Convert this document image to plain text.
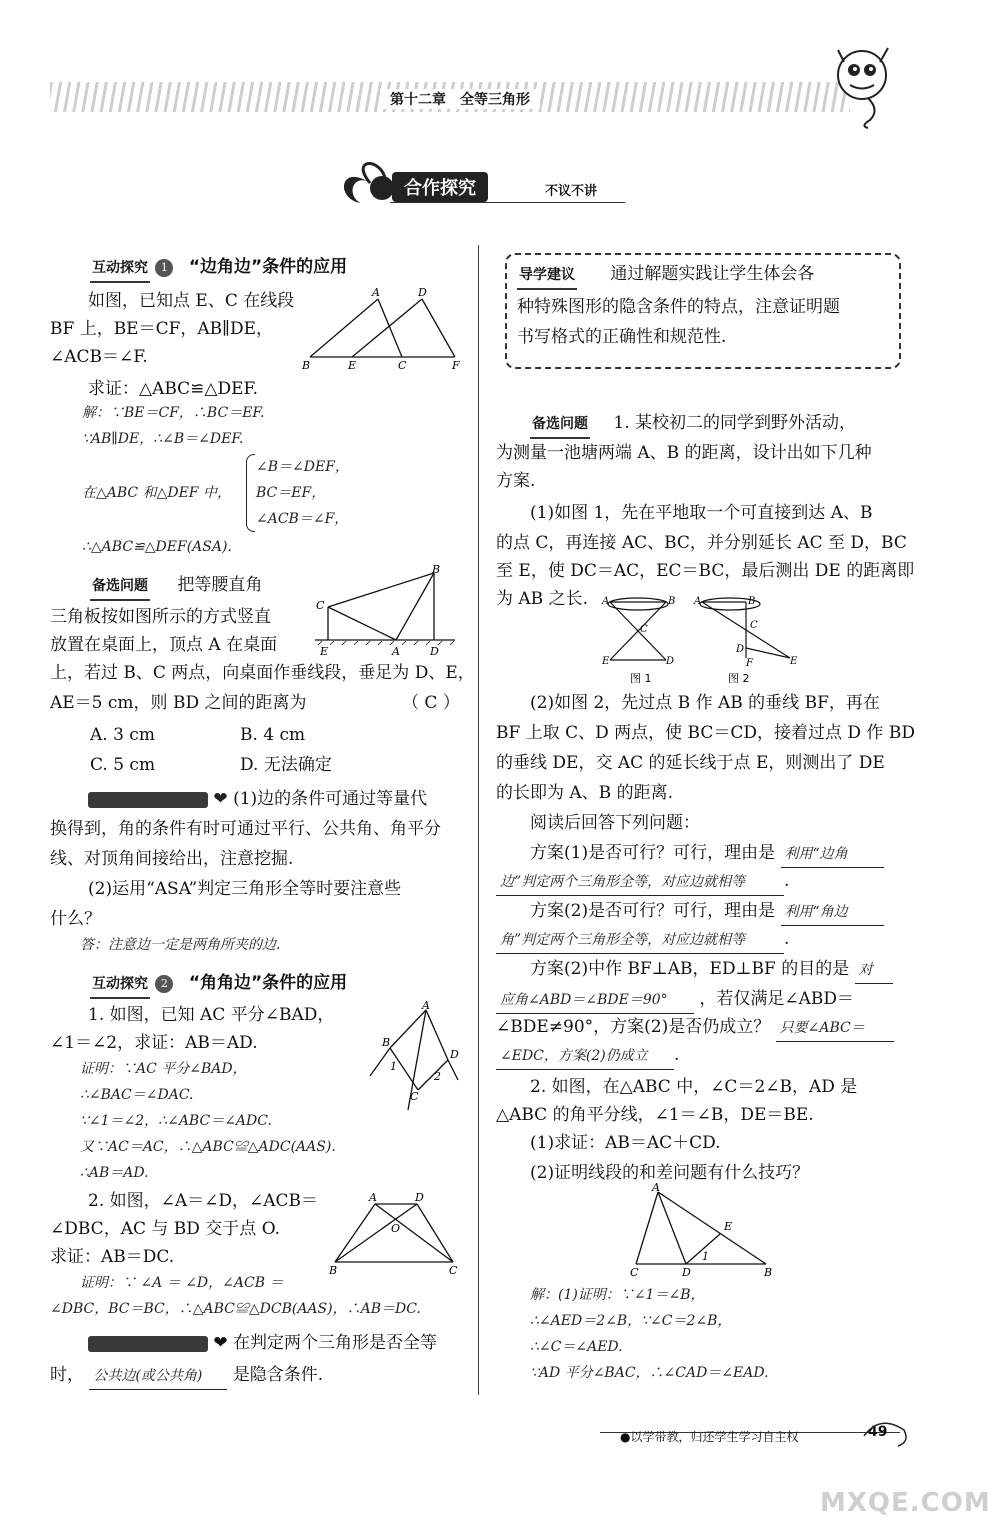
第十二章　全等三角形
合作探究	不议不讲
互动探究 1 “边角边”条件的应用
如图，已知点 E、C 在线段
BF 上，BE＝CF，AB∥DE，
∠ACB＝∠F.
求证：△ABC≌△DEF.
A	D
B	E	C	F
解：∵BE＝CF，∴BC＝EF.
∵AB∥DE，∴∠B＝∠DEF.
在△ABC 和△DEF 中，
∠B＝∠DEF，
BC＝EF，
∠ACB＝∠F，
∴△ABC≌△DEF(ASA).
备选问题 把等腰直角
三角板按如图所示的方式竖直
放置在桌面上，顶点 A 在桌面
上，若过 B、C 两点，向桌面作垂线段，垂足为 D、E，
AE＝5 cm，则 BD 之间的距离为	（ C ）
B
C
E	A	D
A. 3 cm	B. 4 cm
C. 5 cm	D. 无法确定
❤ (1)边的条件可通过等量代
换得到，角的条件有时可通过平行、公共角、角平分
线、对顶角间接给出，注意挖掘.
(2)运用“ASA”判定三角形全等时要注意些
什么？
答：注意边一定是两角所夹的边.
互动探究 2 “角角边”条件的应用
1. 如图，已知 AC 平分∠BAD，
∠1＝∠2，求证：AB＝AD.
证明：∵AC 平分∠BAD，
∴∠BAC＝∠DAC.
∵∠1＝∠2，∴∠ABC＝∠ADC.
又∵AC＝AC，∴△ABC≌△ADC(AAS).
∴AB＝AD.
A
B
D
1
2
C
2. 如图，∠A＝∠D，∠ACB＝
∠DBC，AC 与 BD 交于点 O.
求证：AB＝DC.
A	D
O
B	C
证明：∵ ∠A ＝ ∠D，∠ACB ＝
∠DBC，BC＝BC，∴△ABC≌△DCB(AAS)，∴AB＝DC.
❤ 在判定两个三角形是否全等
时， 公共边(或公共角) 是隐含条件.
导学建议 通过解题实践让学生体会各
种特殊图形的隐含条件的特点，注意证明题
书写格式的正确性和规范性.
备选问题 1. 某校初二的同学到野外活动，
为测量一池塘两端 A、B 的距离，设计出如下几种
方案.
(1)如图 1，先在平地取一个可直接到达 A、B
的点 C，再连接 AC、BC，并分别延长 AC 至 D，BC
至 E，使 DC＝AC，EC＝BC，最后测出 DE 的距离即
为 AB 之长. A	B
C
E	D
A	B
C
D
F	E
图 1	图 2
(2)如图 2，先过点 B 作 AB 的垂线 BF，再在
BF 上取 C、D 两点，使 BC＝CD，接着过点 D 作 BD
的垂线 DE，交 AC 的延长线于点 E，则测出了 DE
的长即为 A、B 的距离.
阅读后回答下列问题：
方案(1)是否可行？可行，理由是 利用“边角
边”判定两个三角形全等，对应边就相等 .
方案(2)是否可行？可行，理由是 利用“角边
角”判定两个三角形全等，对应边就相等 .
方案(2)中作 BF⊥AB，ED⊥BF 的目的是 对
应角∠ABD＝∠BDE＝90° ，若仅满足∠ABD＝
∠BDE≠90°，方案(2)是否仍成立？ 只要∠ABC＝
∠EDC，方案(2)仍成立 .
2. 如图，在△ABC 中，∠C＝2∠B，AD 是
△ABC 的角平分线，∠1＝∠B，DE＝BE.
(1)求证：AB＝AC＋CD.
(2)证明线段的和差问题有什么技巧？
A
E
1
C	D	B
解：(1)证明：∵∠1＝∠B，
∴∠AED＝2∠B，∵∠C＝2∠B，
∴∠C＝∠AED.
∵AD 平分∠BAC，∴∠CAD＝∠EAD.
●以学带教，归还学生学习自主权	49
MXQE.COM
